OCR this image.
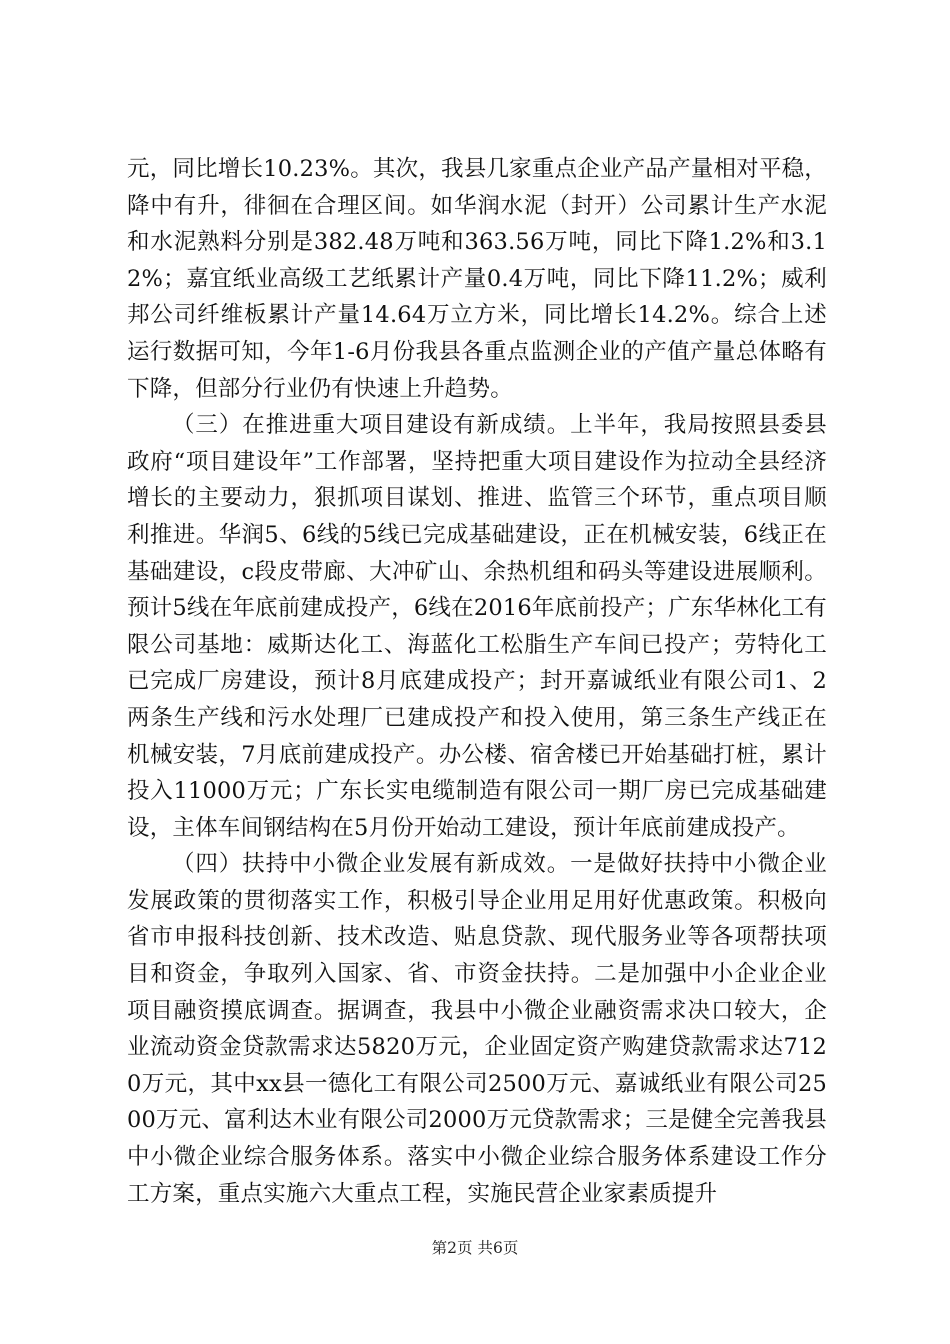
元，同比增长10.23%。其次，我县几家重点企业产品产量相对平稳，降中有升，徘徊在合理区间。如华润水泥（封开）公司累计生产水泥和水泥熟料分别是382.48万吨和363.56万吨，同比下降1.2%和3.12%；嘉宜纸业高级工艺纸累计产量0.4万吨，同比下降11.2%；威利邦公司纤维板累计产量14.64万立方米，同比增长14.2%。综合上述运行数据可知，今年1-6月份我县各重点监测企业的产值产量总体略有下降，但部分行业仍有快速上升趋势。

（三）在推进重大项目建设有新成绩。上半年，我局按照县委县政府“项目建设年”工作部署，坚持把重大项目建设作为拉动全县经济增长的主要动力，狠抓项目谋划、推进、监管三个环节，重点项目顺利推进。华润5、6线的5线已完成基础建设，正在机械安装，6线正在基础建设，c段皮带廊、大冲矿山、余热机组和码头等建设进展顺利。预计5线在年底前建成投产，6线在2016年底前投产；广东华林化工有限公司基地：威斯达化工、海蓝化工松脂生产车间已投产；劳特化工已完成厂房建设，预计8月底建成投产；封开嘉诚纸业有限公司1、2两条生产线和污水处理厂已建成投产和投入使用，第三条生产线正在机械安装，7月底前建成投产。办公楼、宿舍楼已开始基础打桩，累计投入11000万元；广东长实电缆制造有限公司一期厂房已完成基础建设，主体车间钢结构在5月份开始动工建设，预计年底前建成投产。

（四）扶持中小微企业发展有新成效。一是做好扶持中小微企业发展政策的贯彻落实工作，积极引导企业用足用好优惠政策。积极向省市申报科技创新、技术改造、贴息贷款、现代服务业等各项帮扶项目和资金，争取列入国家、省、市资金扶持。二是加强中小企业企业项目融资摸底调查。据调查，我县中小微企业融资需求决口较大，企业流动资金贷款需求达5820万元，企业固定资产购建贷款需求达7120万元，其中xx县一德化工有限公司2500万元、嘉诚纸业有限公司2500万元、富利达木业有限公司2000万元贷款需求；三是健全完善我县中小微企业综合服务体系。落实中小微企业综合服务体系建设工作分工方案，重点实施六大重点工程，实施民营企业家素质提升

第2页 共6页
